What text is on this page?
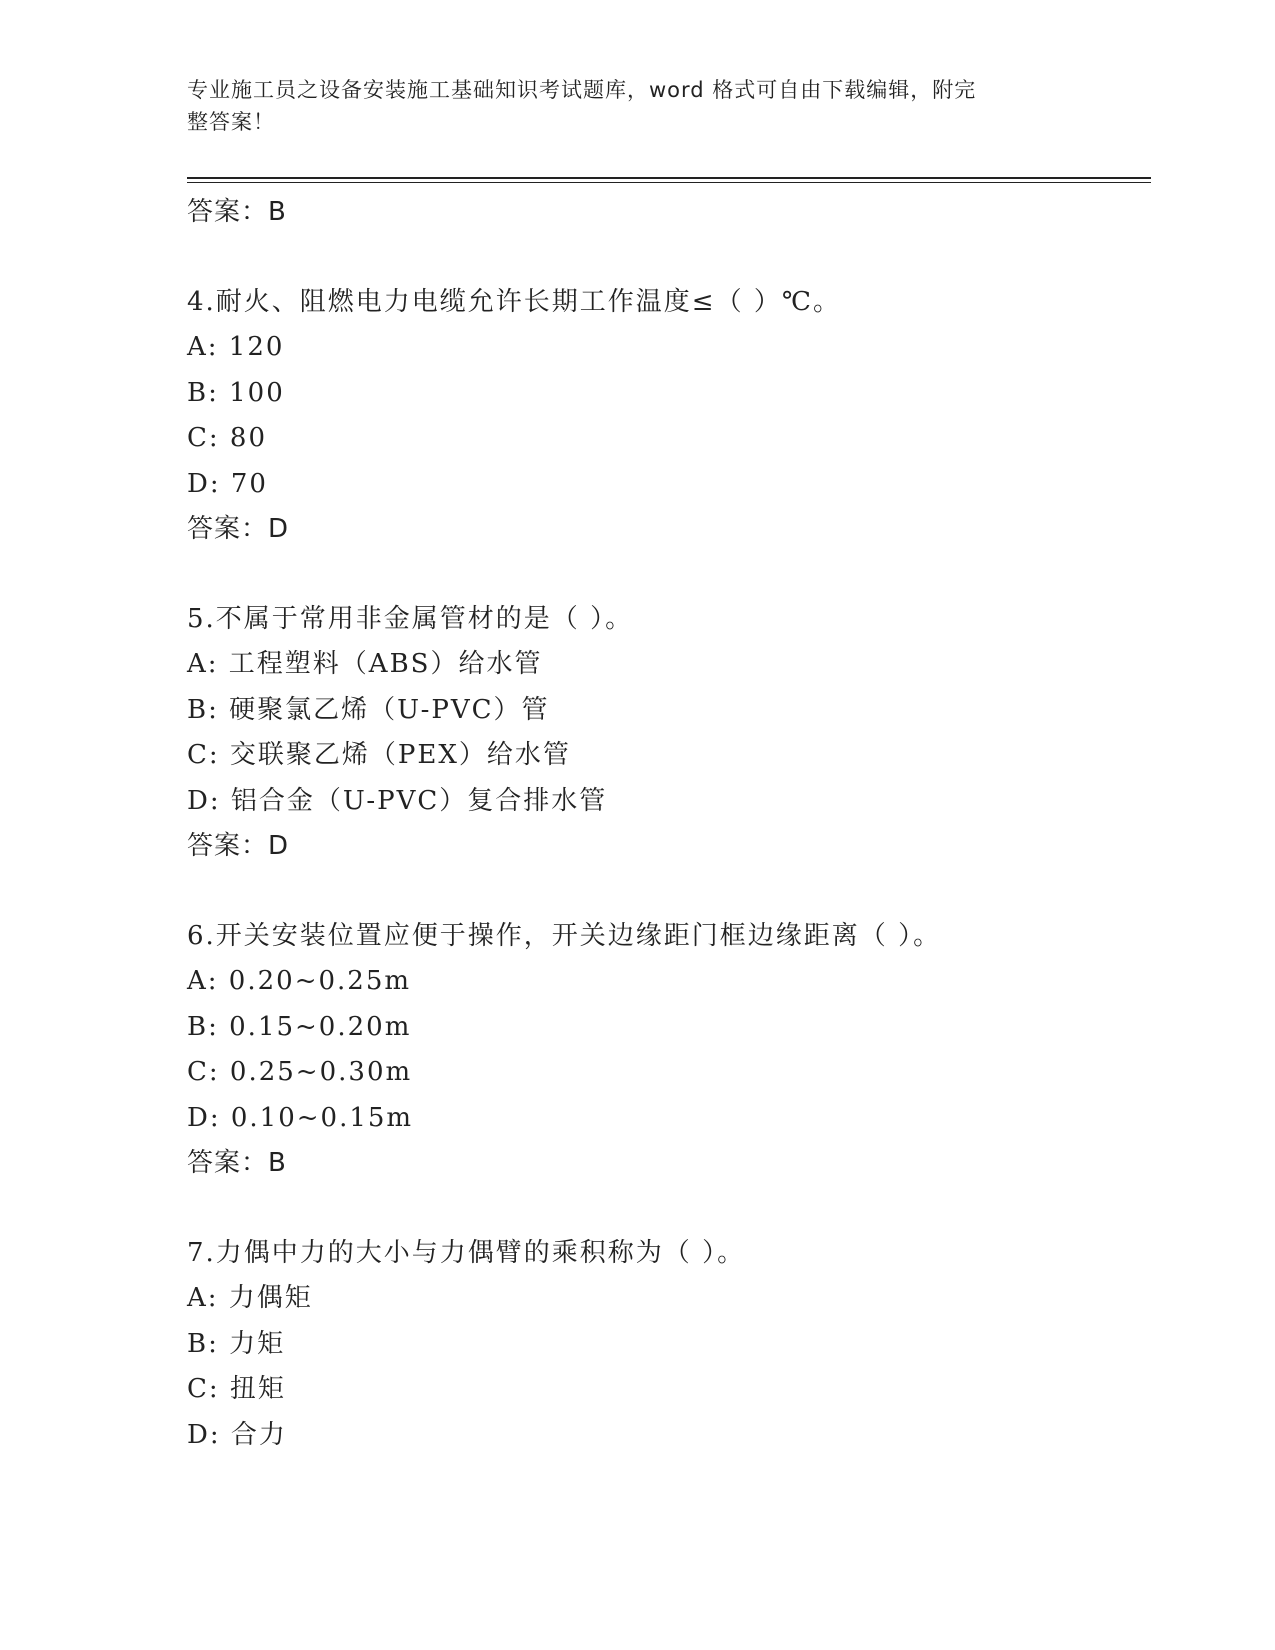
专业施工员之设备安装施工基础知识考试题库，word 格式可自由下载编辑，附完
整答案！
答案：B
4.耐火、阻燃电力电缆允许长期工作温度≤（ ）℃。
A: 120
B: 100
C: 80
D: 70
答案：D
5.不属于常用非金属管材的是（ ）。
A: 工程塑料（ABS）给水管
B: 硬聚氯乙烯（U-PVC）管
C: 交联聚乙烯（PEX）给水管
D: 铝合金（U-PVC）复合排水管
答案：D
6.开关安装位置应便于操作，开关边缘距门框边缘距离（ ）。
A: 0.20~0.25m
B: 0.15~0.20m
C: 0.25~0.30m
D: 0.10~0.15m
答案：B
7.力偶中力的大小与力偶臂的乘积称为（ ）。
A: 力偶矩
B: 力矩
C: 扭矩
D: 合力
